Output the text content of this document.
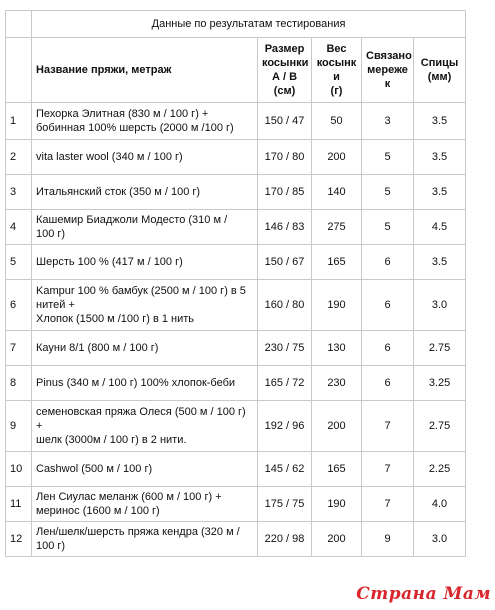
	Данные по результатам тестирования				
	Название пряжи, метраж	Размер
косынки
А / В
(см)	Вес
косынк
и
(г)	Связано
мереже
к	Спицы
(мм)

1	Пехорка Элитная (830 м / 100 г) +
бобинная 100% шерсть (2000 м /100 г)	150 / 47	50	3	3.5
2	vita laster wool (340 м / 100 г)	170 / 80	200	5	3.5
3	Итальянский сток (350 м / 100 г)	170 / 85	140	5	3.5
4	Кашемир Биаджоли Модесто (310 м /
100 г)	146 / 83	275	5	4.5
5	Шерсть 100 % (417 м / 100 г)	150 / 67	165	6	3.5
6	Kampur 100 % бамбук (2500 м / 100 г) в 5
нитей +
Хлопок (1500 м /100 г) в 1 нить	160 / 80	190	6	3.0
7	Кауни 8/1 (800 м / 100 г)	230 / 75	130	6	2.75
8	Pinus (340 м / 100 г) 100% хлопок-беби	165 / 72	230	6	3.25
9	семеновская пряжа Олеся (500 м / 100 г)
+
шелк (3000м / 100 г) в 2 нити.	192 / 96	200	7	2.75
10	Cashwol (500 м / 100 г)	145 / 62	165	7	2.25
11	Лен Сиулас меланж (600 м / 100 г) +
меринос (1600 м / 100 г)	175 / 75	190	7	4.0
12	Лен/шелк/шерсть пряжа кендра (320 м /
100 г)	220 / 98	200	9	3.0
Страна Мам
